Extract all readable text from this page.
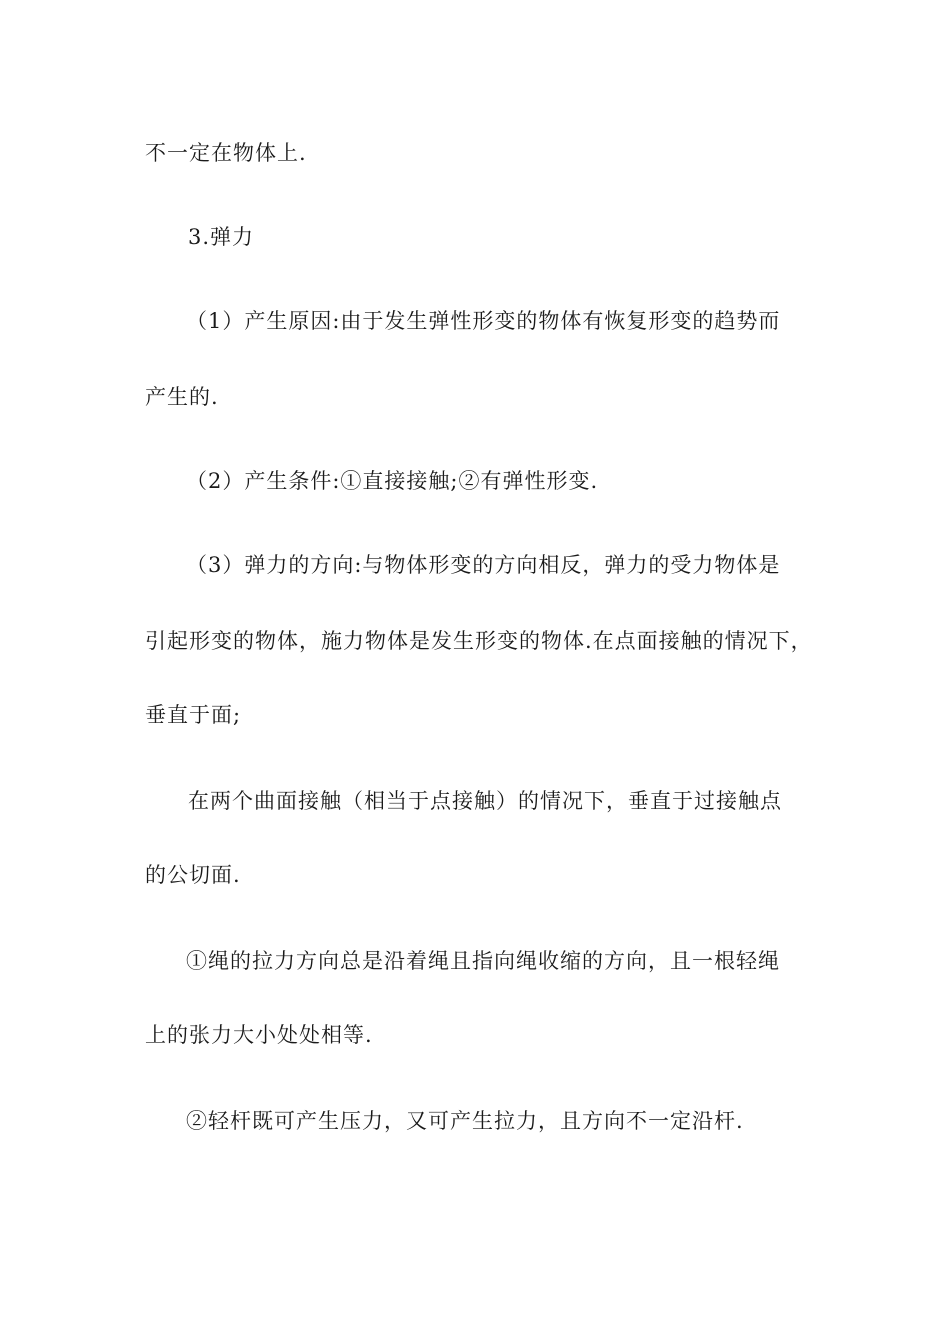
不一定在物体上.
3.弹力
（1）产生原因:由于发生弹性形变的物体有恢复形变的趋势而
产生的.
（2）产生条件:①直接接触;②有弹性形变.
（3）弹力的方向:与物体形变的方向相反，弹力的受力物体是
引起形变的物体，施力物体是发生形变的物体.在点面接触的情况下，
垂直于面;
在两个曲面接触（相当于点接触）的情况下，垂直于过接触点
的公切面.
①绳的拉力方向总是沿着绳且指向绳收缩的方向，且一根轻绳
上的张力大小处处相等.
②轻杆既可产生压力，又可产生拉力，且方向不一定沿杆.
